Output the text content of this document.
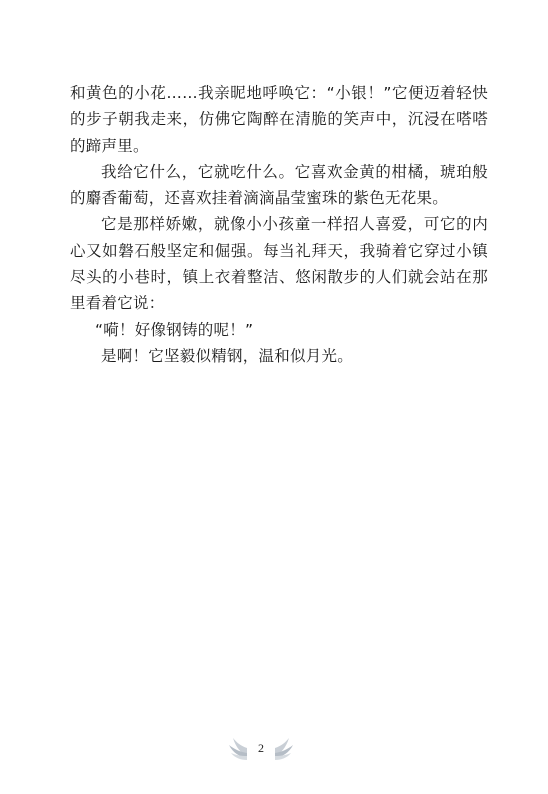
和黄色的小花……我亲昵地呼唤它：“小银！”它便迈着轻快的步子朝我走来，仿佛它陶醉在清脆的笑声中，沉浸在嗒嗒的蹄声里。

我给它什么，它就吃什么。它喜欢金黄的柑橘，琥珀般的麝香葡萄，还喜欢挂着滴滴晶莹蜜珠的紫色无花果。

它是那样娇嫩，就像小小孩童一样招人喜爱，可它的内心又如磐石般坚定和倔强。每当礼拜天，我骑着它穿过小镇尽头的小巷时，镇上衣着整洁、悠闲散步的人们就会站在那里看着它说：

“嗬！好像钢铸的呢！”

是啊！它坚毅似精钢，温和似月光。

2
